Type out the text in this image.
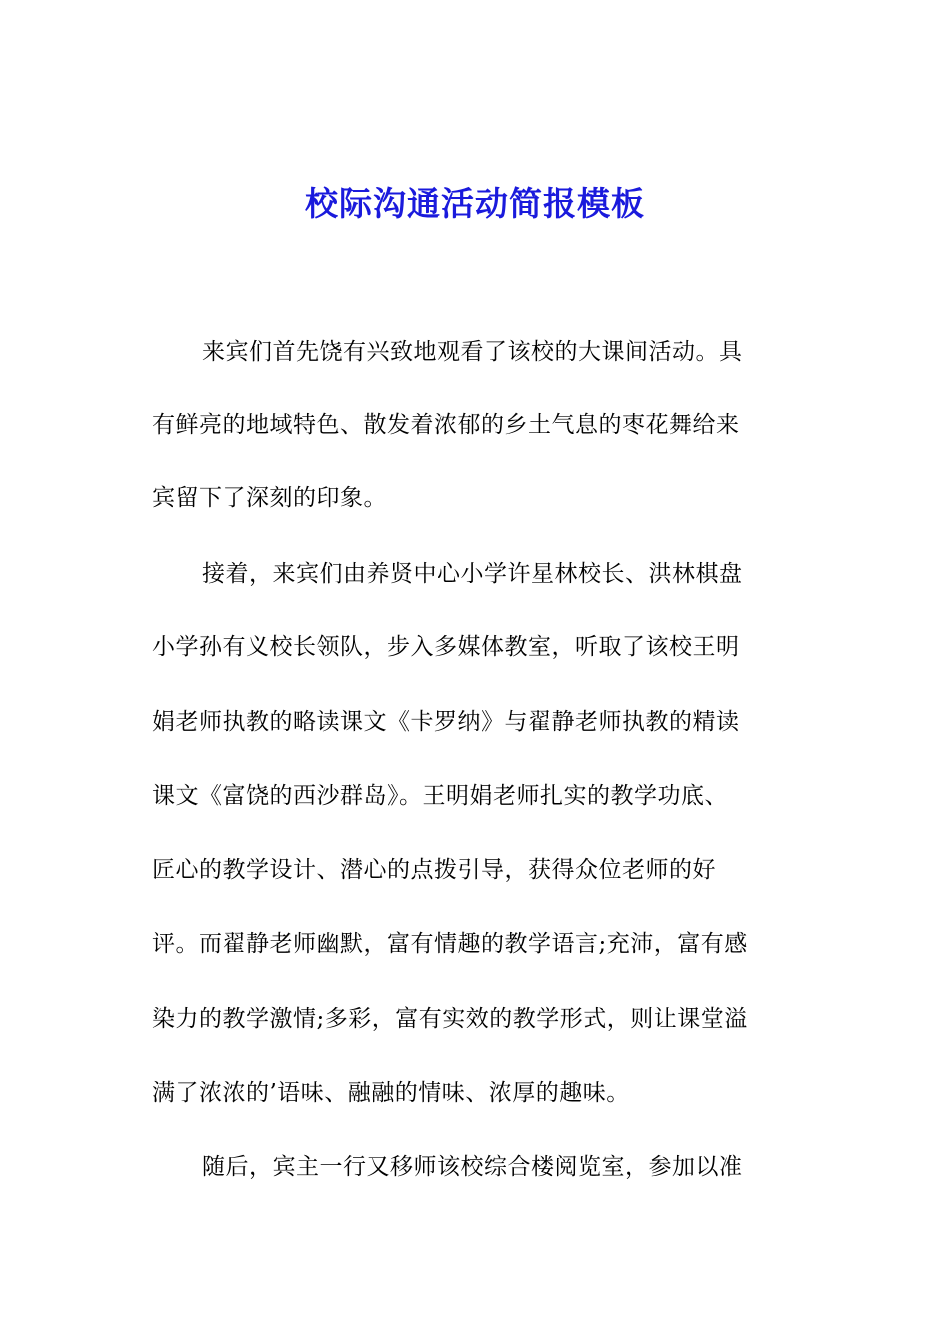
校际沟通活动简报模板

来宾们首先饶有兴致地观看了该校的大课间活动。具

有鲜亮的地域特色、散发着浓郁的乡土气息的枣花舞给来

宾留下了深刻的印象。

接着，来宾们由养贤中心小学许星林校长、洪林棋盘

小学孙有义校长领队，步入多媒体教室，听取了该校王明

娟老师执教的略读课文《卡罗纳》与翟静老师执教的精读

课文《富饶的西沙群岛》。王明娟老师扎实的教学功底、

匠心的教学设计、潜心的点拨引导，获得众位老师的好

评。而翟静老师幽默，富有情趣的教学语言;充沛，富有感

染力的教学激情;多彩，富有实效的教学形式，则让课堂溢

满了浓浓的’语味、融融的情味、浓厚的趣味。

随后，宾主一行又移师该校综合楼阅览室，参加以准
